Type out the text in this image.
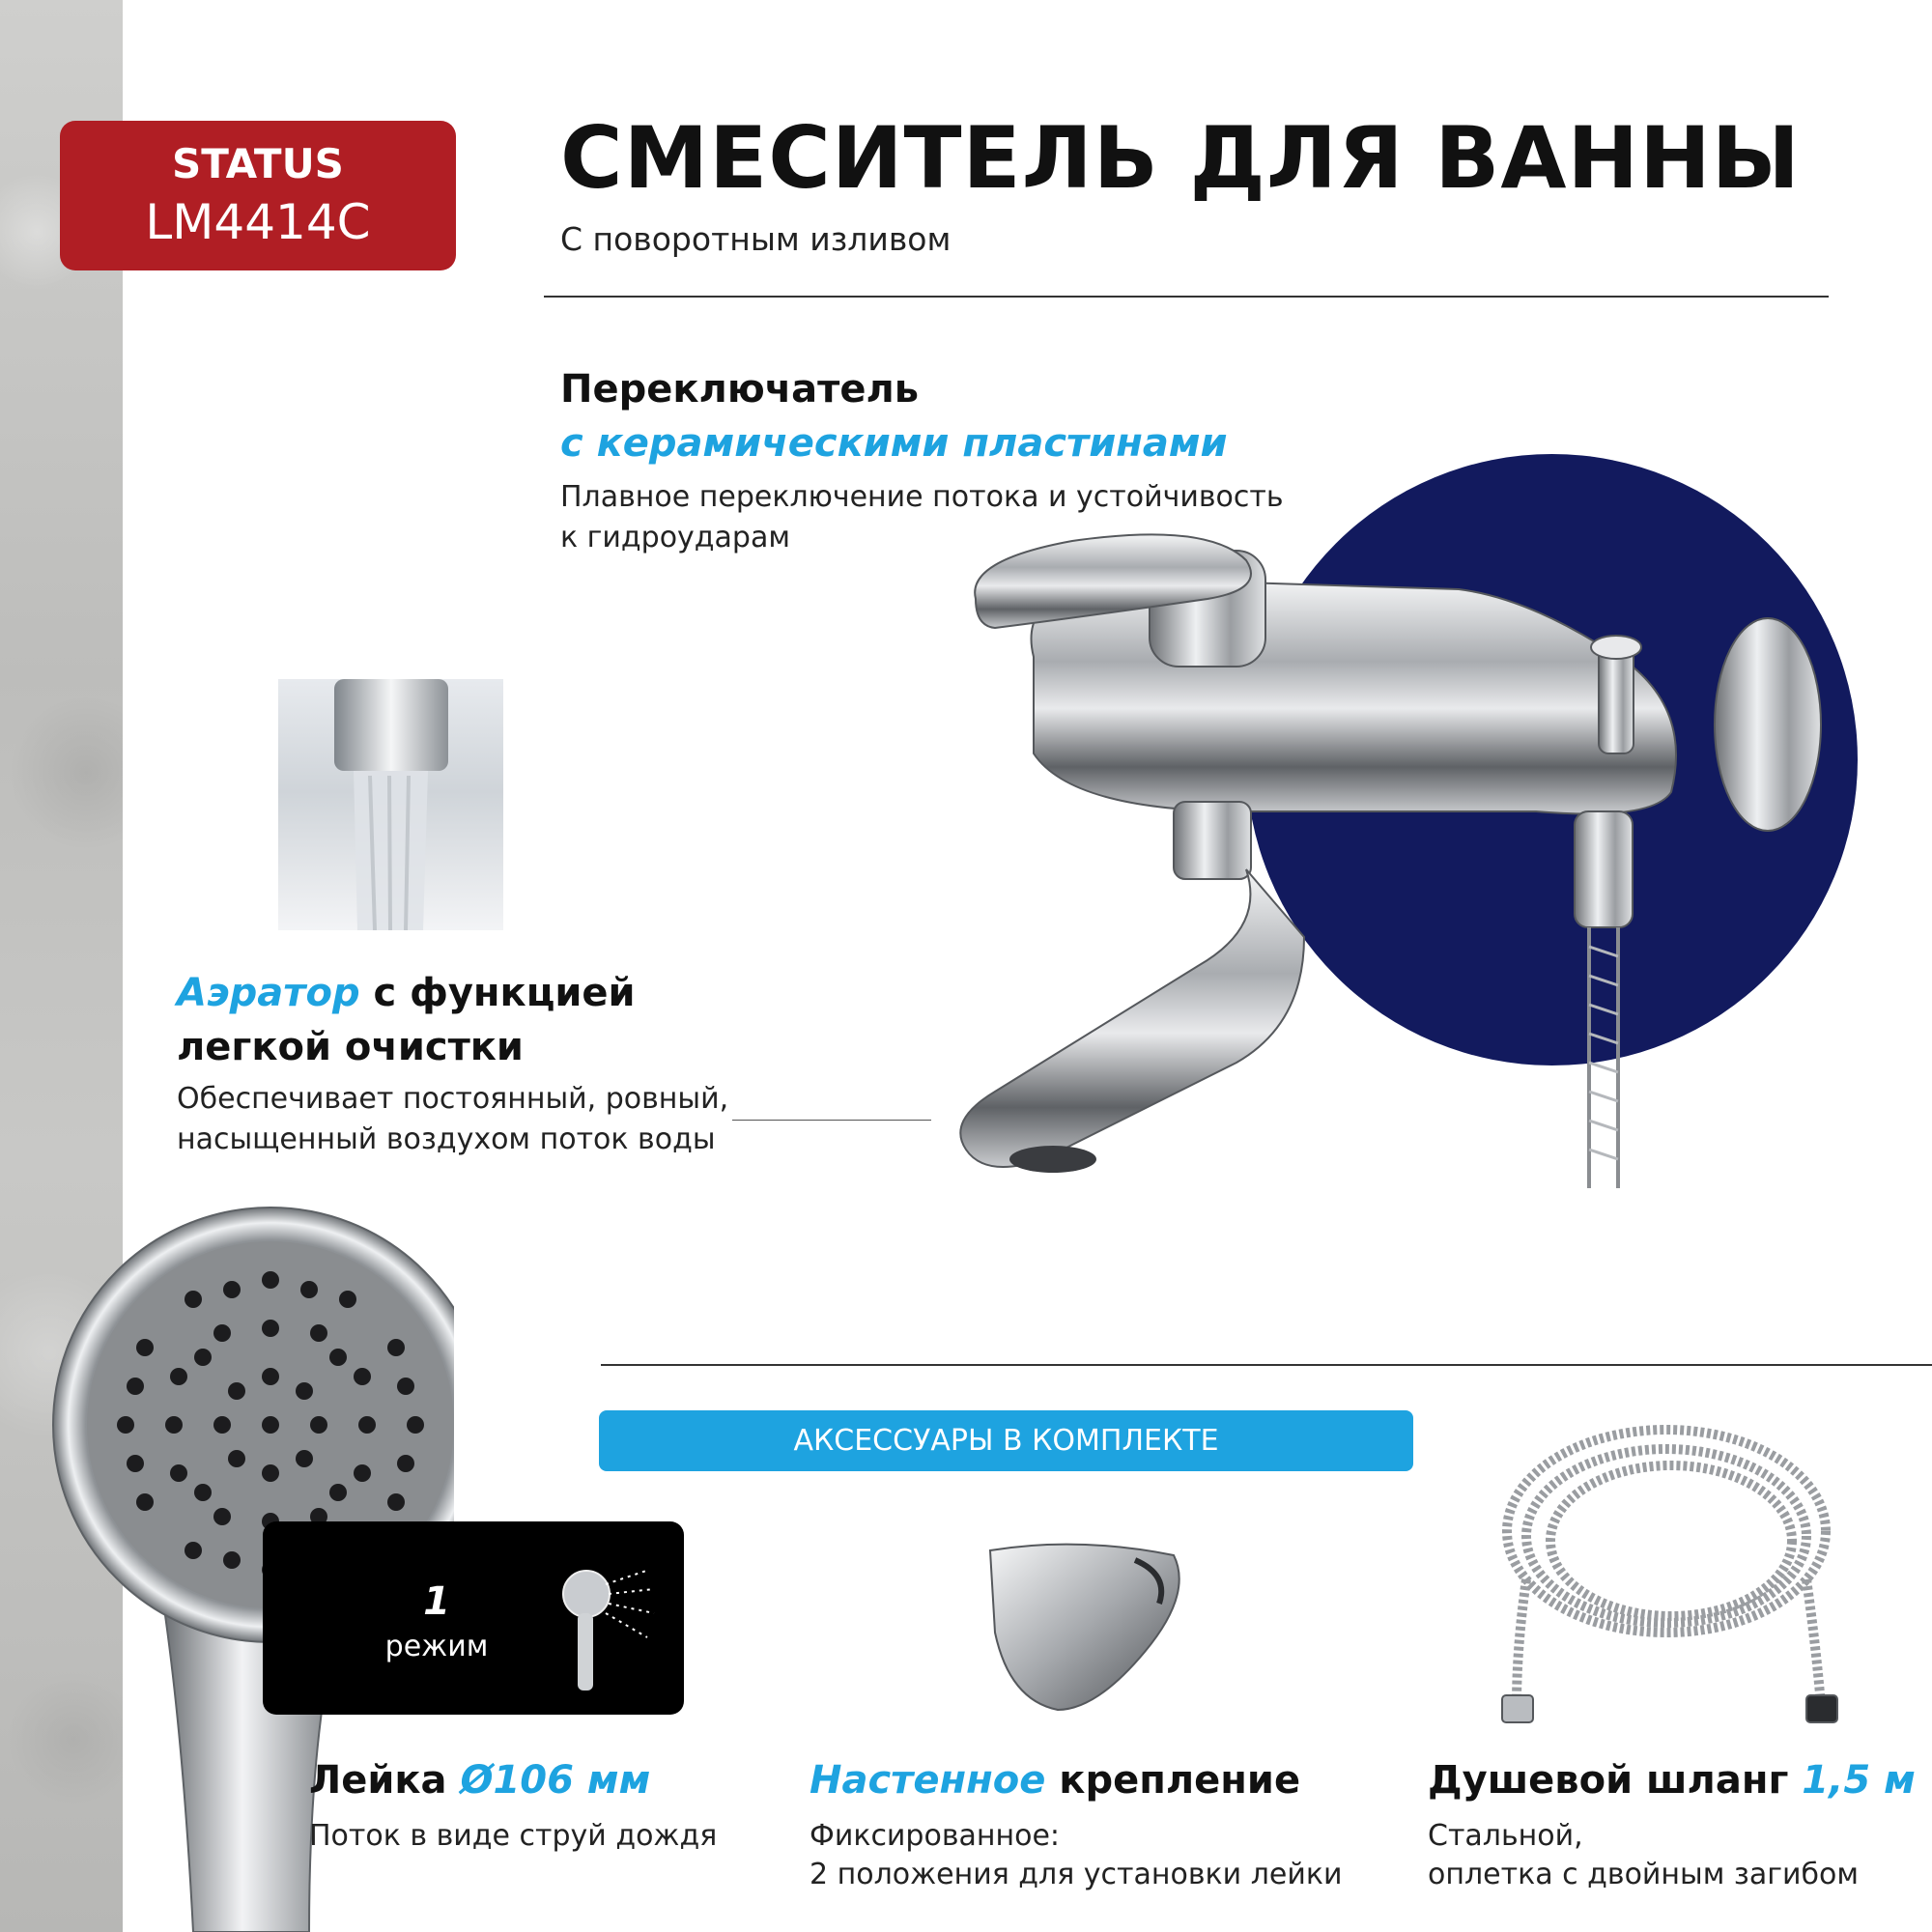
STATUS
LM4414C
СМЕСИТЕЛЬ ДЛЯ ВАННЫ
С поворотным изливом
Переключатель
с керамическими пластинами
Плавное переключение потока и устойчивость
к гидроударам
Аэратор с функцией
легкой очистки
Обеспечивает постоянный, ровный,
насыщенный воздухом поток воды
1
режим
АКСЕССУАРЫ В КОМПЛЕКТЕ
Лейка Ø106 мм
Поток в виде струй дождя
Настенное крепление
Фиксированное:
2 положения для установки лейки
Душевой шланг 1,5 м
Стальной,
оплетка с двойным загибом
